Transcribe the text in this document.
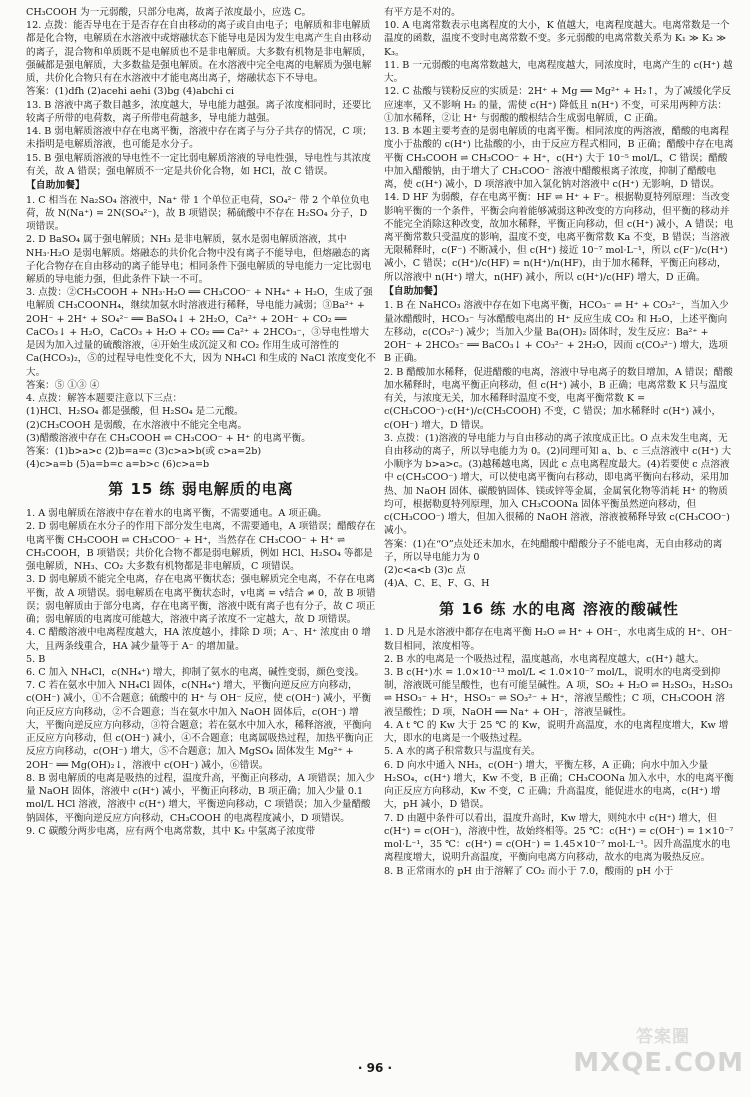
CH₃COOH 为一元弱酸，只部分电离，故离子浓度最小，应选 C。

12. 点拨：能否导电在于是否存在自由移动的离子或自由电子；电解质和非电解质都是化合物，电解质在水溶液中或熔融状态下能导电是因为发生电离产生自由移动的离子，混合物和单质既不是电解质也不是非电解质。大多数有机物是非电解质，强碱都是强电解质，大多数盐是强电解质。在水溶液中完全电离的电解质为强电解质，共价化合物只有在水溶液中才能电离出离子，熔融状态下不导电。

答案：(1)dfh (2)acehi aehi (3)bg (4)abchi ci

13. B 溶液中离子数目越多，浓度越大，导电能力越强。离子浓度相同时，还要比较离子所带的电荷数，离子所带电荷越多，导电能力越强。

14. B 弱电解质溶液中存在电离平衡，溶液中存在离子与分子共存的情况，C 项；未指明是电解质溶液，也可能是水分子。

15. B 强电解质溶液的导电性不一定比弱电解质溶液的导电性强，导电性与其浓度有关，故 A 错误；强电解质不一定是共价化合物，如 HCl，故 C 错误。

【自助加餐】

1. C 相当在 Na₂SO₄ 溶液中，Na⁺ 带 1 个单位正电荷，SO₄²⁻ 带 2 个单位负电荷，故 N(Na⁺) = 2N(SO₄²⁻)，故 B 项错误；稀硫酸中不存在 H₂SO₄ 分子，D 项错误。

2. D BaSO₄ 属于强电解质；NH₃ 是非电解质，氨水是弱电解质溶液，其中 NH₃·H₂O 是弱电解质。熔融态的共价化合物中没有离子不能导电，但熔融态的离子化合物存在自由移动的离子能导电；相同条件下强电解质的导电能力一定比弱电解质的导电能力强，但此条件下缺一不可。

3. 点拨：②CH₃COOH + NH₃·H₂O ══ CH₃COO⁻ + NH₄⁺ + H₂O，生成了强电解质 CH₃COONH₄，继续加氨水时溶液进行稀释，导电能力减弱；③Ba²⁺ + 2OH⁻ + 2H⁺ + SO₄²⁻ ══ BaSO₄↓ + 2H₂O，Ca²⁺ + 2OH⁻ + CO₂ ══ CaCO₃↓ + H₂O，CaCO₃ + H₂O + CO₂ ══ Ca²⁺ + 2HCO₃⁻，③导电性增大是因为加入过量的硫酸溶液，④开始生成沉淀又和 CO₂ 作用生成可溶性的 Ca(HCO₃)₂，⑤的过程导电性变化不大，因为 NH₄Cl 和生成的 NaCl 浓度变化不大。

答案：⑤ ①③ ④

4. 点拨：解答本题要注意以下三点：

(1)HCl、H₂SO₄ 都是强酸，但 H₂SO₄ 是二元酸。

(2)CH₃COOH 是弱酸，在水溶液中不能完全电离。

(3)醋酸溶液中存在 CH₃COOH ⇌ CH₃COO⁻ + H⁺ 的电离平衡。

答案：(1)b>a>c (2)b=a=c (3)c>a>b(或 c>a=2b)

(4)c>a=b (5)a=b=c a=b>c (6)c>a=b

第 15 练 弱电解质的电离

1. A 弱电解质在溶液中存在着水的电离平衡，不需要通电。A 项正确。

2. D 弱电解质在水分子的作用下部分发生电离，不需要通电，A 项错误；醋酸存在电离平衡 CH₃COOH ⇌ CH₃COO⁻ + H⁺，当然存在 CH₃COO⁻ + H⁺ ⇌ CH₃COOH，B 项错误；共价化合物不都是弱电解质，例如 HCl、H₂SO₄ 等都是强电解质，NH₃、CO₂ 大多数有机物都是非电解质，C 项错误。

3. D 弱电解质不能完全电离，存在电离平衡状态；强电解质完全电离，不存在电离平衡，故 A 项错误。弱电解质在电离平衡状态时，v电离 = v结合 ≠ 0，故 B 项错误；弱电解质由于部分电离，存在电离平衡，溶液中既有离子也有分子，故 C 项正确；弱电解质的电离度可能越大，溶液中离子浓度不一定越大，故 D 项错误。

4. C 醋酸溶液中电离程度越大，HA 浓度越小，排除 D 项；A⁻、H⁺ 浓度由 0 增大，且两条线重合，HA 减少量等于 A⁻ 的增加量。

5. B

6. C 加入 NH₄Cl，c(NH₄⁺) 增大，抑制了氨水的电离，碱性变弱，颜色变浅。

7. C 若在氨水中加入 NH₄Cl 固体，c(NH₄⁺) 增大，平衡向逆反应方向移动，c(OH⁻) 减小，①不合题意；硫酸中的 H⁺ 与 OH⁻ 反应，使 c(OH⁻) 减小，平衡向正反应方向移动，②不合题意；当在氨水中加入 NaOH 固体后，c(OH⁻) 增大，平衡向逆反应方向移动，③符合题意；若在氨水中加入水，稀释溶液，平衡向正反应方向移动，但 c(OH⁻) 减小，④不合题意；电离属吸热过程，加热平衡向正反应方向移动，c(OH⁻) 增大，⑤不合题意；加入 MgSO₄ 固体发生 Mg²⁺ + 2OH⁻ ══ Mg(OH)₂↓，溶液中 c(OH⁻) 减小，⑥错误。

8. B 弱电解质的电离是吸热的过程，温度升高，平衡正向移动，A 项错误；加入少量 NaOH 固体，溶液中 c(H⁺) 减小，平衡正向移动，B 项正确；加入少量 0.1 mol/L HCl 溶液，溶液中 c(H⁺) 增大，平衡逆向移动，C 项错误；加入少量醋酸钠固体，平衡向逆反应方向移动，CH₃COOH 的电离程度减小，D 项错误。

9. C 碳酸分两步电离，应有两个电离常数，其中 K₂ 中氢离子浓度带

有平方是不对的。

10. A 电离常数表示电离程度的大小，K 值越大，电离程度越大。电离常数是一个温度的函数，温度不变时电离常数不变。多元弱酸的电离常数关系为 K₁ ≫ K₂ ≫ K₃。

11. B 一元弱酸的电离常数越大，电离程度越大，同浓度时，电离产生的 c(H⁺) 越大。

12. C 盐酸与镁粉反应的实质是：2H⁺ + Mg ══ Mg²⁺ + H₂↑，为了减缓化学反应速率，又不影响 H₂ 的量，需使 c(H⁺) 降低且 n(H⁺) 不变，可采用两种方法：①加水稀释，②让 H⁺ 与弱酸的酸根结合生成弱电解质，C 正确。

13. B 本题主要考查的是弱电解质的电离平衡。相同浓度的两溶液，醋酸的电离程度小于盐酸的 c(H⁺) 比盐酸的小，由于反应方程式相同，B 正确；醋酸中存在电离平衡 CH₃COOH ⇌ CH₃COO⁻ + H⁺，c(H⁺) 大于 10⁻⁵ mol/L，C 错误；醋酸中加入醋酸钠，由于增大了 CH₃COO⁻ 溶液中醋酸根离子浓度，抑制了醋酸电离，使 c(H⁺) 减小，D 项溶液中加入氯化钠对溶液中 c(H⁺) 无影响，D 错误。

14. D HF 为弱酸，存在电离平衡：HF ⇌ H⁺ + F⁻。根据勒夏特列原理：当改变影响平衡的一个条件，平衡会向着能够减弱这种改变的方向移动，但平衡的移动并不能完全消除这种改变，故加水稀释，平衡正向移动，但 c(H⁺) 减小，A 错误；电离平衡常数只受温度的影响，温度不变，电离平衡常数 Ka 不变，B 错误；当溶液无限稀释时，c(F⁻) 不断减小，但 c(H⁺) 接近 10⁻⁷ mol·L⁻¹，所以 c(F⁻)/c(H⁺) 减小，C 错误；c(H⁺)/c(HF) = n(H⁺)/n(HF)，由于加水稀释，平衡正向移动，所以溶液中 n(H⁺) 增大，n(HF) 减小，所以 c(H⁺)/c(HF) 增大，D 正确。

【自助加餐】

1. B 在 NaHCO₃ 溶液中存在如下电离平衡，HCO₃⁻ ⇌ H⁺ + CO₃²⁻，当加入少量冰醋酸时，HCO₃⁻ 与冰醋酸电离出的 H⁺ 反应生成 CO₂ 和 H₂O，上述平衡向左移动，c(CO₃²⁻) 减少；当加入少量 Ba(OH)₂ 固体时，发生反应：Ba²⁺ + 2OH⁻ + 2HCO₃⁻ ══ BaCO₃↓ + CO₃²⁻ + 2H₂O，因而 c(CO₃²⁻) 增大，选项 B 正确。

2. B 醋酸加水稀释，促进醋酸的电离，溶液中导电离子的数目增加，A 错误；醋酸加水稀释时，电离平衡正向移动，但 c(H⁺) 减小，B 正确；电离常数 K 只与温度有关，与浓度无关，加水稀释时温度不变，电离平衡常数 K = c(CH₃COO⁻)·c(H⁺)/c(CH₃COOH) 不变，C 错误；加水稀释时 c(H⁺) 减小，c(OH⁻) 增大，D 错误。

3. 点拨：(1)溶液的导电能力与自由移动的离子浓度成正比。O 点未发生电离，无自由移动的离子，所以导电能力为 0。(2)同理可知 a、b、c 三点溶液中 c(H⁺) 大小顺序为 b>a>c。(3)越稀越电离，因此 c 点电离程度最大。(4)若要使 c 点溶液中 c(CH₃COO⁻) 增大，可以使电离平衡向右移动，即电离平衡向右移动，采用加热、加 NaOH 固体、碳酸钠固体、镁或锌等金属，金属氧化物等消耗 H⁺ 的物质均可，根据勒夏特列原理，加入 CH₃COONa 固体平衡虽然逆向移动，但 c(CH₃COO⁻) 增大，但加入很稀的 NaOH 溶液，溶液被稀释导致 c(CH₃COO⁻) 减小。

答案：(1)在“O”点处还未加水，在纯醋酸中醋酸分子不能电离，无自由移动的离子，所以导电能力为 0

(2)c<a<b (3)c 点

(4)A、C、E、F、G、H

第 16 练 水的电离 溶液的酸碱性

1. D 凡是水溶液中都存在电离平衡 H₂O ⇌ H⁺ + OH⁻，水电离生成的 H⁺、OH⁻ 数目相同，浓度相等。

2. B 水的电离是一个吸热过程，温度越高，水电离程度越大，c(H⁺) 越大。

3. B c(H⁺)水 = 1.0×10⁻¹³ mol/L < 1.0×10⁻⁷ mol/L，说明水的电离受到抑制，溶液既可能呈酸性，也有可能呈碱性。A 项，SO₂ + H₂O ⇌ H₂SO₃，H₂SO₃ ⇌ HSO₃⁻ + H⁺，HSO₃⁻ ⇌ SO₃²⁻ + H⁺，溶液呈酸性；C 项，CH₃COOH 溶液呈酸性；D 项，NaOH ══ Na⁺ + OH⁻，溶液呈碱性。

4. A t ℃ 的 Kw 大于 25 ℃ 的 Kw，说明升高温度，水的电离程度增大，Kw 增大，即水的电离是一个吸热过程。

5. A 水的离子积常数只与温度有关。

6. D 向水中通入 NH₃，c(OH⁻) 增大，平衡左移，A 正确；向水中加入少量 H₂SO₄，c(H⁺) 增大，Kw 不变，B 正确；CH₃COONa 加入水中，水的电离平衡向正反应方向移动，Kw 不变，C 正确；升高温度，能促进水的电离，c(H⁺) 增大，pH 减小，D 错误。

7. D 由题中条件可以看出，温度升高时，Kw 增大，则纯水中 c(H⁺) 增大，但 c(H⁺) = c(OH⁻)，溶液中性，故始终相等。25 ℃：c(H⁺) = c(OH⁻) = 1×10⁻⁷ mol·L⁻¹，35 ℃：c(H⁺) = c(OH⁻) = 1.45×10⁻⁷ mol·L⁻¹。因升高温度水的电离程度增大，说明升高温度，平衡向电离方向移动，故水的电离为吸热反应。

8. B 正常雨水的 pH 由于溶解了 CO₂ 而小于 7.0，酸雨的 pH 小于

· 96 ·
答案圈
MXQE.COM
